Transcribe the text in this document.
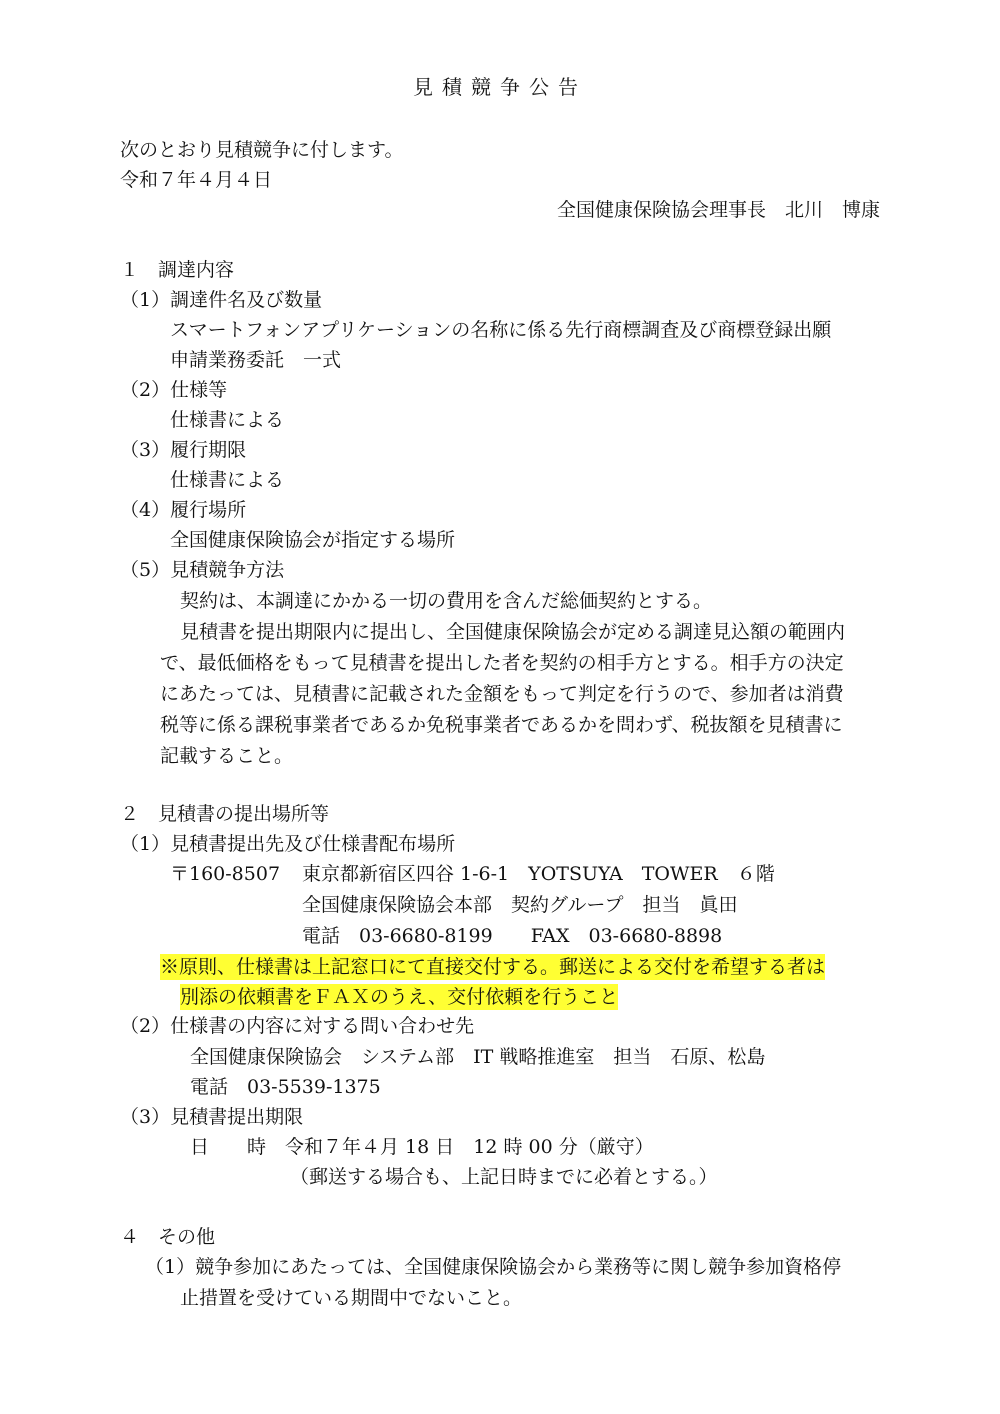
見積競争公告
次のとおり見積競争に付します。
令和７年４月４日
全国健康保険協会理事長　北川　博康
１　調達内容
（1）調達件名及び数量
スマートフォンアプリケーションの名称に係る先行商標調査及び商標登録出願
申請業務委託　一式
（2）仕様等
仕様書による
（3）履行期限
仕様書による
（4）履行場所
全国健康保険協会が指定する場所
（5）見積競争方法
契約は、本調達にかかる一切の費用を含んだ総価契約とする。
見積書を提出期限内に提出し、全国健康保険協会が定める調達見込額の範囲内
で、最低価格をもって見積書を提出した者を契約の相手方とする。相手方の決定
にあたっては、見積書に記載された金額をもって判定を行うので、参加者は消費
税等に係る課税事業者であるか免税事業者であるかを問わず、税抜額を見積書に
記載すること。
２　見積書の提出場所等
（1）見積書提出先及び仕様書配布場所
〒160-8507 東京都新宿区四谷 1-6-1　YOTSUYA　TOWER　６階
全国健康保険協会本部　契約グループ　担当　眞田
電話　03-6680-8199　　FAX　03-6680-8898
※原則、仕様書は上記窓口にて直接交付する。郵送による交付を希望する者は
別添の依頼書をＦＡＸのうえ、交付依頼を行うこと
（2）仕様書の内容に対する問い合わせ先
全国健康保険協会　システム部　IT 戦略推進室　担当　石原、松島
電話　03-5539-1375
（3）見積書提出期限
日　　時　令和７年４月 18 日　12 時 00 分（厳守）
（郵送する場合も、上記日時までに必着とする。）
４　その他
（1）競争参加にあたっては、全国健康保険協会から業務等に関し競争参加資格停
止措置を受けている期間中でないこと。
